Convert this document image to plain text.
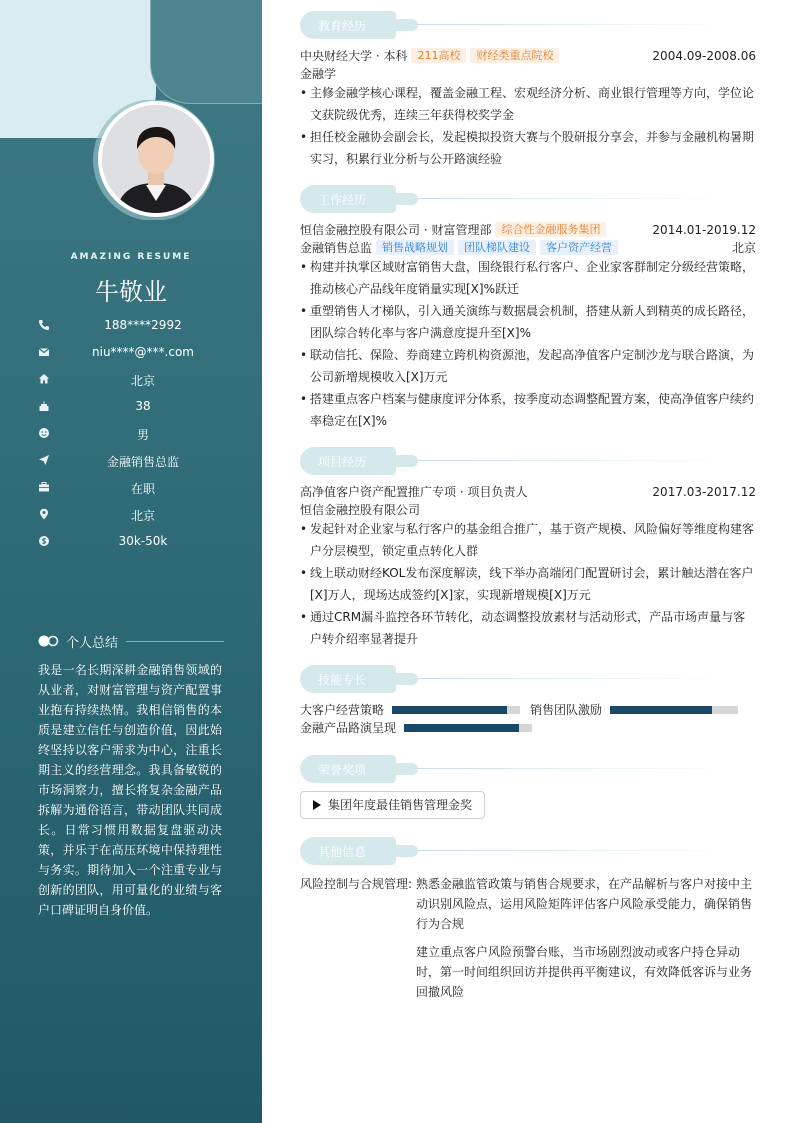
AMAZING RESUME
牛敬业
188****2992
niu****@***.com
北京
38
男
金融销售总监
在职
北京
30k-50k
个人总结
我是一名长期深耕金融销售领域的从业者，对财富管理与资产配置事业抱有持续热情。我相信销售的本质是建立信任与创造价值，因此始终坚持以客户需求为中心，注重长期主义的经营理念。我具备敏锐的市场洞察力，擅长将复杂金融产品拆解为通俗语言，带动团队共同成长。日常习惯用数据复盘驱动决策，并乐于在高压环境中保持理性与务实。期待加入一个注重专业与创新的团队，用可量化的业绩与客户口碑证明自身价值。
教育经历
中央财经大学 · 本科 211高校 财经类重点院校	2004.09-2008.06
金融学
• 主修金融学核心课程，覆盖金融工程、宏观经济分析、商业银行管理等方向，学位论文获院级优秀，连续三年获得校奖学金
• 担任校金融协会副会长，发起模拟投资大赛与个股研报分享会，并参与金融机构暑期实习，积累行业分析与公开路演经验
工作经历
恒信金融控股有限公司 · 财富管理部 综合性金融服务集团	2014.01-2019.12
金融销售总监 销售战略规划 团队梯队建设 客户资产经营	北京
• 构建并执掌区域财富销售大盘，围绕银行私行客户、企业家客群制定分级经营策略，推动核心产品线年度销量实现[X]%跃迁
• 重塑销售人才梯队，引入通关演练与数据晨会机制，搭建从新人到精英的成长路径，团队综合转化率与客户满意度提升至[X]%
• 联动信托、保险、券商建立跨机构资源池，发起高净值客户定制沙龙与联合路演，为公司新增规模收入[X]万元
• 搭建重点客户档案与健康度评分体系，按季度动态调整配置方案，使高净值客户续约率稳定在[X]%
项目经历
高净值客户资产配置推广专项 · 项目负责人	2017.03-2017.12
恒信金融控股有限公司
• 发起针对企业家与私行客户的基金组合推广，基于资产规模、风险偏好等维度构建客户分层模型，锁定重点转化人群
• 线上联动财经KOL发布深度解读，线下举办高端闭门配置研讨会，累计触达潜在客户[X]万人，现场达成签约[X]家，实现新增规模[X]万元
• 通过CRM漏斗监控各环节转化，动态调整投放素材与活动形式，产品市场声量与客户转介绍率显著提升
技能专长
大客户经营策略	销售团队激励
金融产品路演呈现
荣誉奖项
集团年度最佳销售管理金奖
其他信息
风险控制与合规管理: 熟悉金融监管政策与销售合规要求，在产品解析与客户对接中主动识别风险点，运用风险矩阵评估客户风险承受能力，确保销售行为合规
建立重点客户风险预警台账，当市场剧烈波动或客户持仓异动时，第一时间组织回访并提供再平衡建议，有效降低客诉与业务回撤风险
